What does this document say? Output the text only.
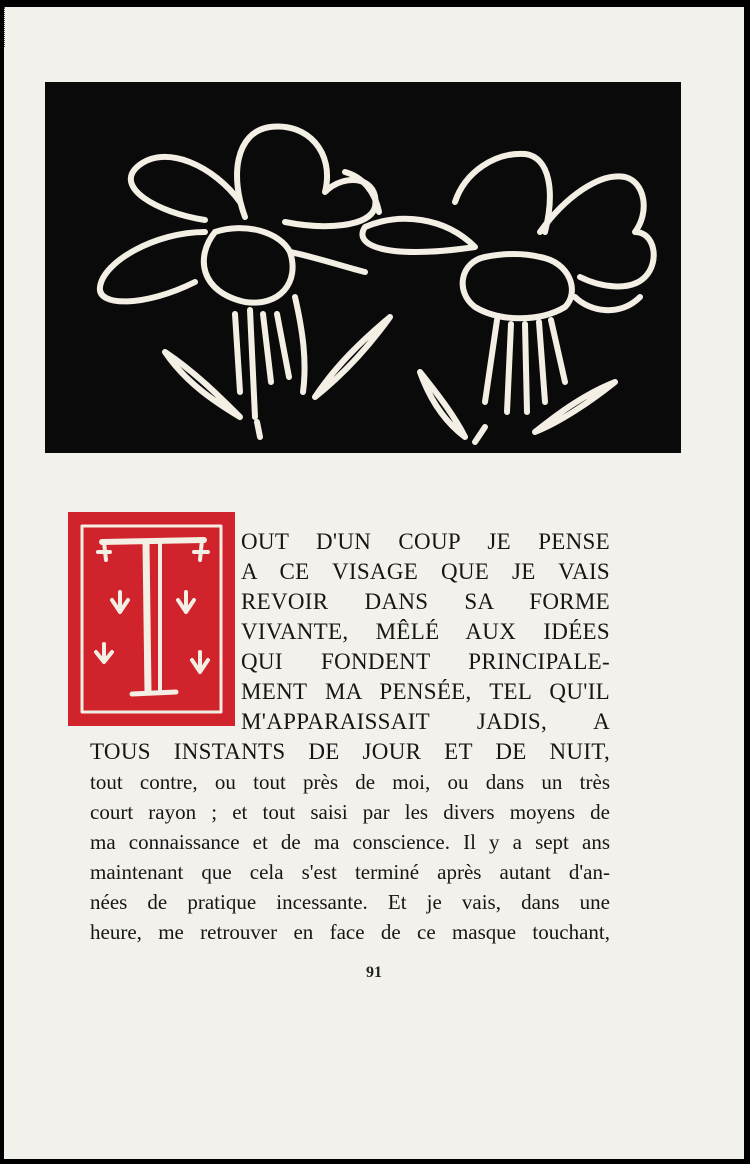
OUT D'UN COUP JE PENSE
A CE VISAGE QUE JE VAIS
REVOIR DANS SA FORME
VIVANTE, MÊLÉ AUX IDÉES
QUI FONDENT PRINCIPALE-
MENT MA PENSÉE, TEL QU'IL
M'APPARAISSAIT JADIS, A
TOUS INSTANTS DE JOUR ET DE NUIT,
tout contre, ou tout près de moi, ou dans un très
court rayon ; et tout saisi par les divers moyens de
ma connaissance et de ma conscience. Il y a sept ans
maintenant que cela s'est terminé après autant d'an-
nées de pratique incessante. Et je vais, dans une
heure, me retrouver en face de ce masque touchant,
91
